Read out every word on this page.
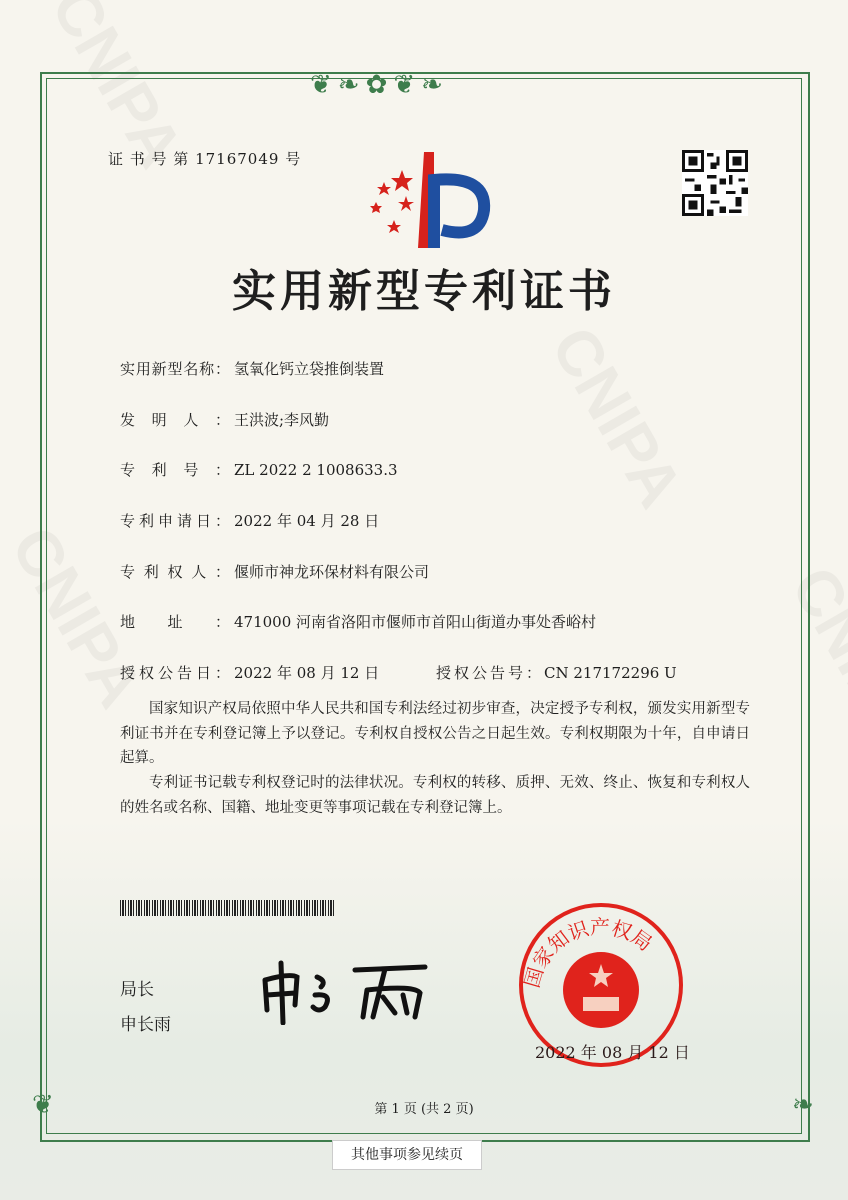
❦❧✿❦❧
❦	❧
证 书 号 第 17167049 号
实用新型专利证书
实用新型名称： 氢氧化钙立袋推倒装置
发明人： 王洪波;李风勤
专利号： ZL 2022 2 1008633.3
专利申请日： 2022 年 04 月 28 日
专利权人： 偃师市神龙环保材料有限公司
地址： 471000 河南省洛阳市偃师市首阳山街道办事处香峪村
授权公告日： 2022 年 08 月 12 日	授权公告号：CN 217172296 U
国家知识产权局依照中华人民共和国专利法经过初步审查，决定授予专利权，颁发实用新型专利证书并在专利登记簿上予以登记。专利权自授权公告之日起生效。专利权期限为十年，自申请日起算。
专利证书记载专利权登记时的法律状况。专利权的转移、质押、无效、终止、恢复和专利权人的姓名或名称、国籍、地址变更等事项记载在专利登记簿上。
局长
申长雨
国家知识产权局
2022 年 08 月 12 日
第 1 页 (共 2 页)
其他事项参见续页
